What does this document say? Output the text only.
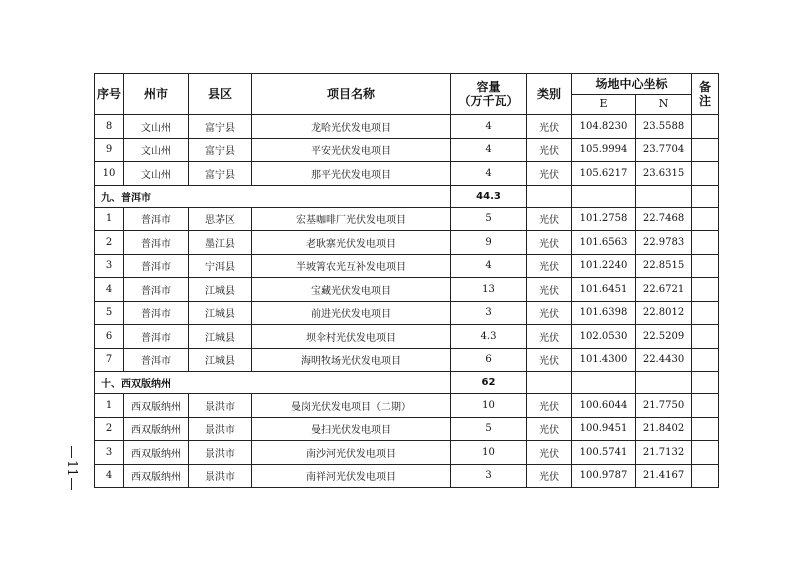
序号	州市	县区	项目名称	容量
（万千瓦）	类别	场地中心坐标		备注
						E	N	
8	文山州	富宁县	龙哈光伏发电项目	4	光伏	104.8230	23.5588	
9	文山州	富宁县	平安光伏发电项目	4	光伏	105.9994	23.7704	
10	文山州	富宁县	那平光伏发电项目	4	光伏	105.6217	23.6315	
九、普洱市				44.3				
1	普洱市	思茅区	宏基咖啡厂光伏发电项目	5	光伏	101.2758	22.7468	
2	普洱市	墨江县	老耿寨光伏发电项目	9	光伏	101.6563	22.9783	
3	普洱市	宁洱县	半坡箐农光互补发电项目	4	光伏	101.2240	22.8515	
4	普洱市	江城县	宝藏光伏发电项目	13	光伏	101.6451	22.6721	
5	普洱市	江城县	前进光伏发电项目	3	光伏	101.6398	22.8012	
6	普洱市	江城县	坝伞村光伏发电项目	4.3	光伏	102.0530	22.5209	
7	普洱市	江城县	海明牧场光伏发电项目	6	光伏	101.4300	22.4430	
十、西双版纳州				62				
1	西双版纳州	景洪市	曼岗光伏发电项目（二期）	10	光伏	100.6044	21.7750	
2	西双版纳州	景洪市	曼扫光伏发电项目	5	光伏	100.9451	21.8402	
3	西双版纳州	景洪市	南沙河光伏发电项目	10	光伏	100.5741	21.7132	
4	西双版纳州	景洪市	南祥河光伏发电项目	3	光伏	100.9787	21.4167	
11
